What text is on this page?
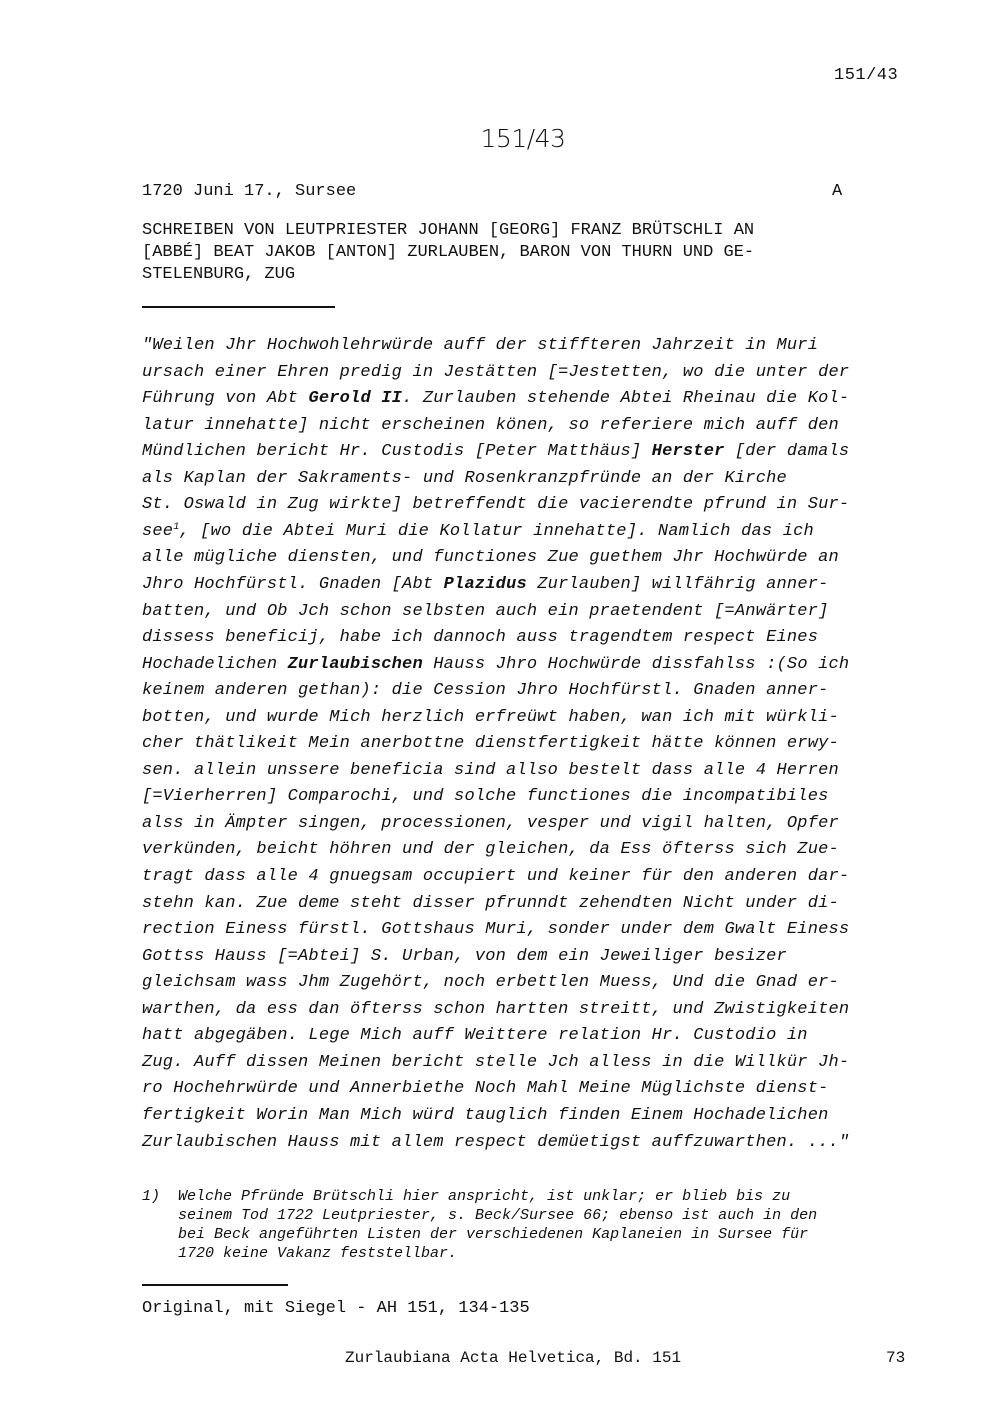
151/43
151/43
1720 Juni 17., Sursee	A
SCHREIBEN VON LEUTPRIESTER JOHANN [GEORG] FRANZ BRÜTSCHLI AN
[ABBÉ] BEAT JAKOB [ANTON] ZURLAUBEN, BARON VON THURN UND GE-
STELENBURG, ZUG
"Weilen Jhr Hochwohlehrwürde auff der stiffteren Jahrzeit in Muri
ursach einer Ehren predig in Jestätten [=Jestetten, wo die unter der
Führung von Abt Gerold II. Zurlauben stehende Abtei Rheinau die Kol-
latur innehatte] nicht erscheinen könen, so referiere mich auff den
Mündlichen bericht Hr. Custodis [Peter Matthäus] Herster [der damals
als Kaplan der Sakraments- und Rosenkranzpfründe an der Kirche
St. Oswald in Zug wirkte] betreffendt die vacierendte pfrund in Sur-
see$^1$, [wo die Abtei Muri die Kollatur innehatte]. Namlich das ich
alle mügliche diensten, und functiones Zue guethem Jhr Hochwürde an
Jhro Hochfürstl. Gnaden [Abt Plazidus Zurlauben] willfährig anner-
batten, und Ob Jch schon selbsten auch ein praetendent [=Anwärter]
dissess beneficij, habe ich dannoch auss tragendtem respect Eines
Hochadelichen Zurlaubischen Hauss Jhro Hochwürde dissfahlss :(So ich
keinem anderen gethan): die Cession Jhro Hochfürstl. Gnaden anner-
botten, und wurde Mich herzlich erfreüwt haben, wan ich mit würkli-
cher thätlikeit Mein anerbottne dienstfertigkeit hätte können erwy-
sen. allein unssere beneficia sind allso bestelt dass alle 4 Herren
[=Vierherren] Comparochi, und solche functiones die incompatibiles
alss in Ämpter singen, processionen, vesper und vigil halten, Opfer
verkünden, beicht höhren und der gleichen, da Ess öfterss sich Zue-
tragt dass alle 4 gnuegsam occupiert und keiner für den anderen dar-
stehn kan. Zue deme steht disser pfrunndt zehendten Nicht under di-
rection Einess fürstl. Gottshaus Muri, sonder under dem Gwalt Einess
Gottss Hauss [=Abtei] S. Urban, von dem ein Jeweiliger besizer
gleichsam wass Jhm Zugehört, noch erbettlen Muess, Und die Gnad er-
warthen, da ess dan öfterss schon hartten streitt, und Zwistigkeiten
hatt abgegäben. Lege Mich auff Weittere relation Hr. Custodio in
Zug. Auff dissen Meinen bericht stelle Jch alless in die Willkür Jh-
ro Hochehrwürde und Annerbiethe Noch Mahl Meine Müglichste dienst-
fertigkeit Worin Man Mich würd tauglich finden Einem Hochadelichen
Zurlaubischen Hauss mit allem respect demüetigst auffzuwarthen. ..."
1) Welche Pfründe Brütschli hier anspricht, ist unklar; er blieb bis zu
seinem Tod 1722 Leutpriester, s. Beck/Sursee 66; ebenso ist auch in den
bei Beck angeführten Listen der verschiedenen Kaplaneien in Sursee für
1720 keine Vakanz feststellbar.
Original, mit Siegel - AH 151, 134-135
Zurlaubiana Acta Helvetica, Bd. 151	73
